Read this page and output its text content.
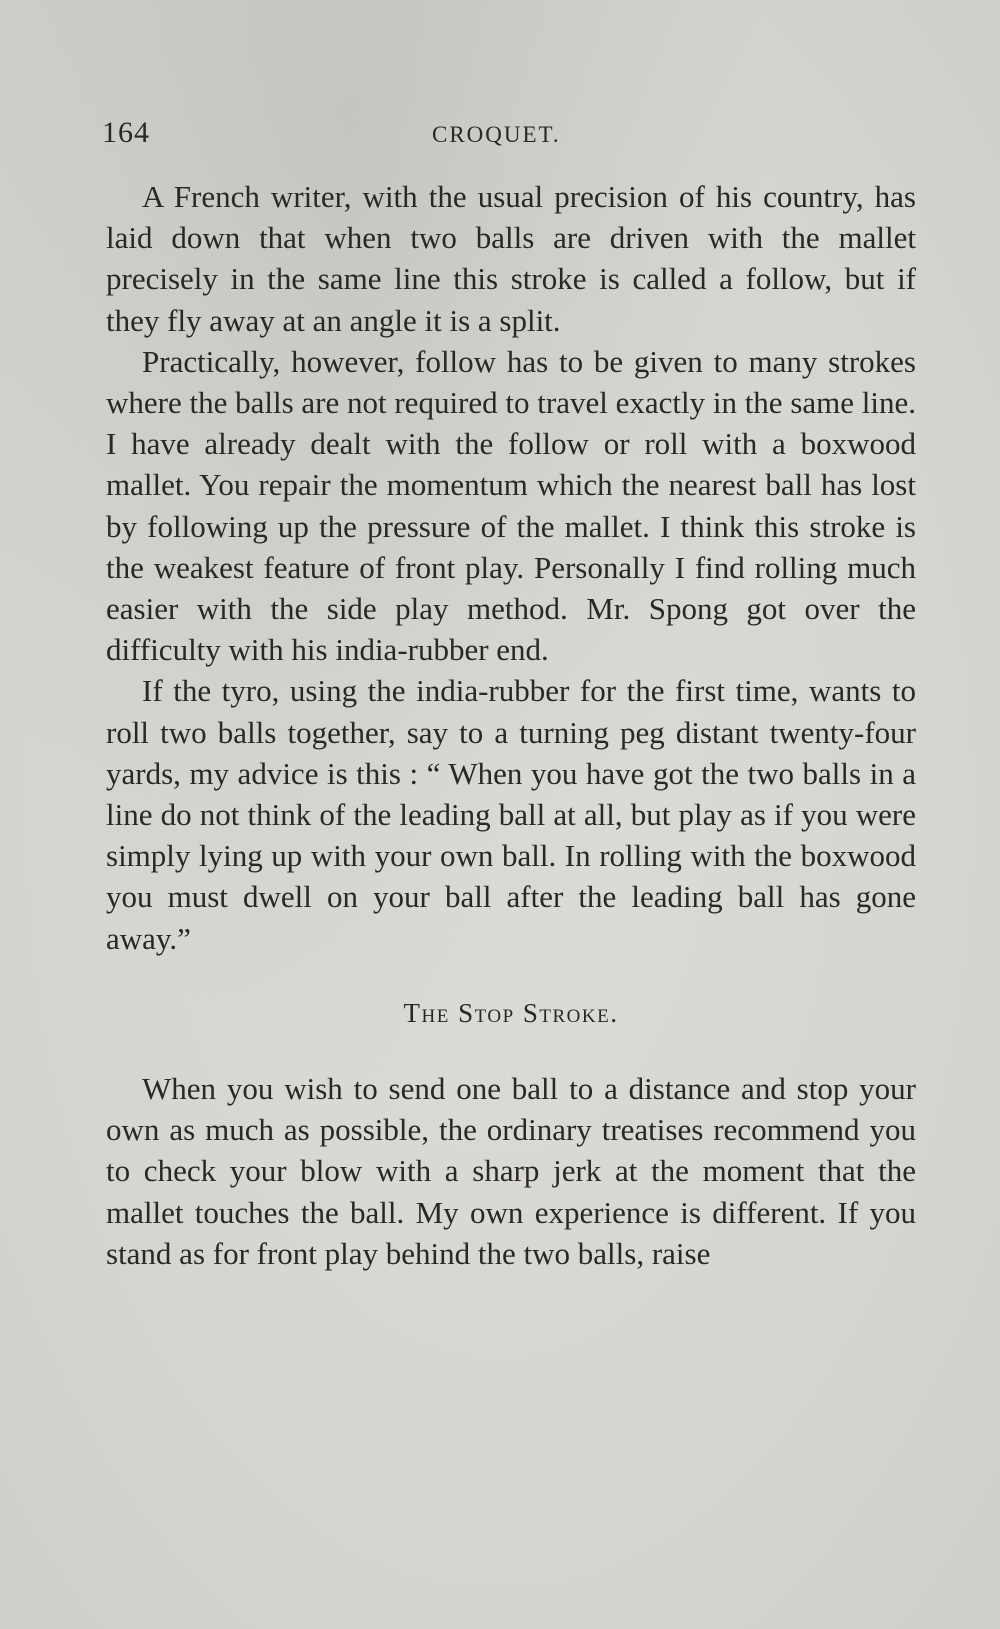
164	CROQUET.

A French writer, with the usual precision of his country, has laid down that when two balls are driven with the mallet precisely in the same line this stroke is called a follow, but if they fly away at an angle it is a split.

Practically, however, follow has to be given to many strokes where the balls are not required to travel exactly in the same line. I have already dealt with the follow or roll with a boxwood mallet. You repair the momentum which the nearest ball has lost by following up the pressure of the mallet. I think this stroke is the weakest feature of front play. Personally I find rolling much easier with the side play method. Mr. Spong got over the difficulty with his india-rubber end.

If the tyro, using the india-rubber for the first time, wants to roll two balls together, say to a turning peg distant twenty-four yards, my advice is this : “ When you have got the two balls in a line do not think of the leading ball at all, but play as if you were simply lying up with your own ball. In rolling with the boxwood you must dwell on your ball after the leading ball has gone away.”

The Stop Stroke.

When you wish to send one ball to a distance and stop your own as much as possible, the ordinary treatises recommend you to check your blow with a sharp jerk at the moment that the mallet touches the ball. My own experience is different. If you stand as for front play behind the two balls, raise
